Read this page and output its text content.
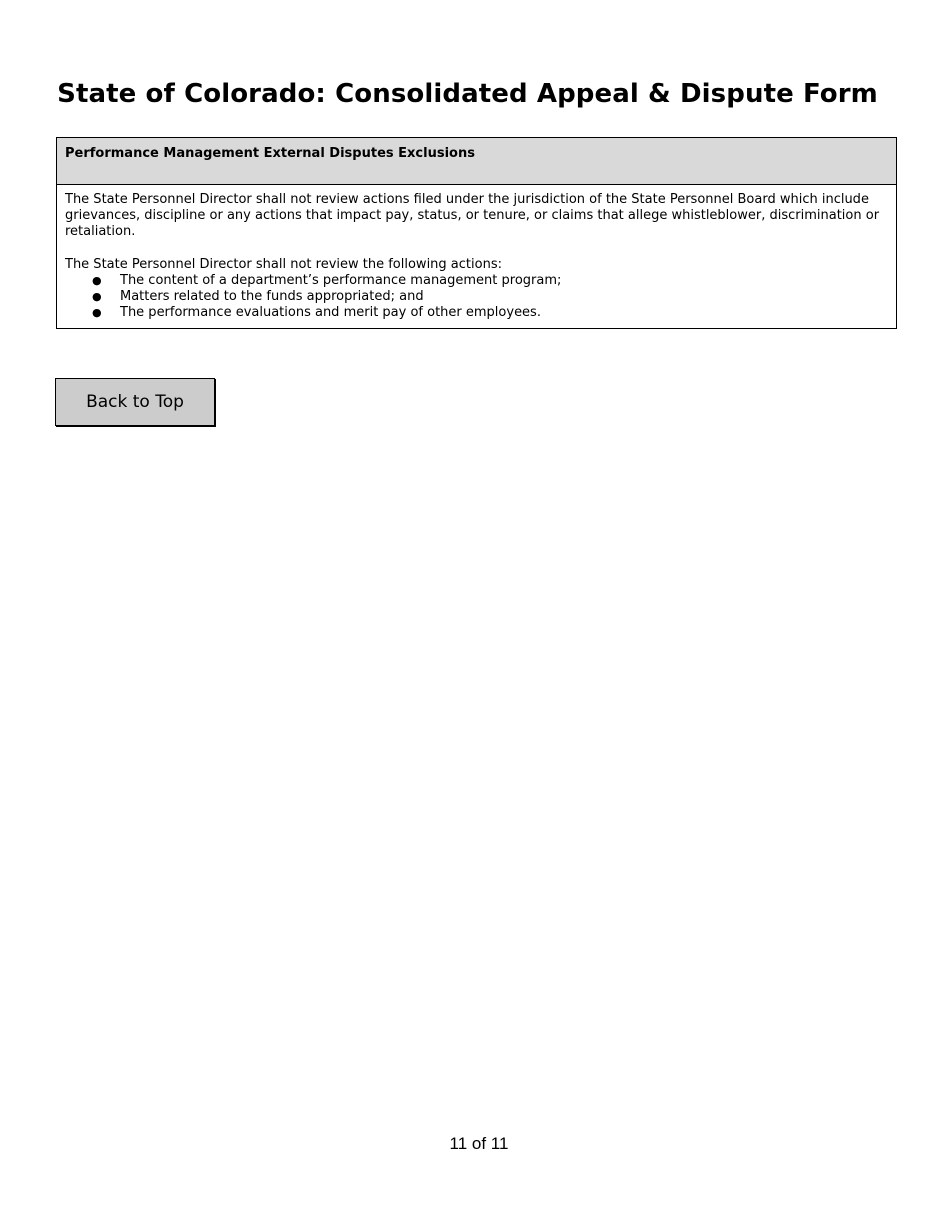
State of Colorado: Consolidated Appeal & Dispute Form
Performance Management External Disputes Exclusions

The State Personnel Director shall not review actions filed under the jurisdiction of the State Personnel Board which include grievances, discipline or any actions that impact pay, status, or tenure, or claims that allege whistleblower, discrimination or retaliation.

The State Personnel Director shall not review the following actions:

● The content of a department’s performance management program;
● Matters related to the funds appropriated; and
● The performance evaluations and merit pay of other employees.
Back to Top
11 of 11
